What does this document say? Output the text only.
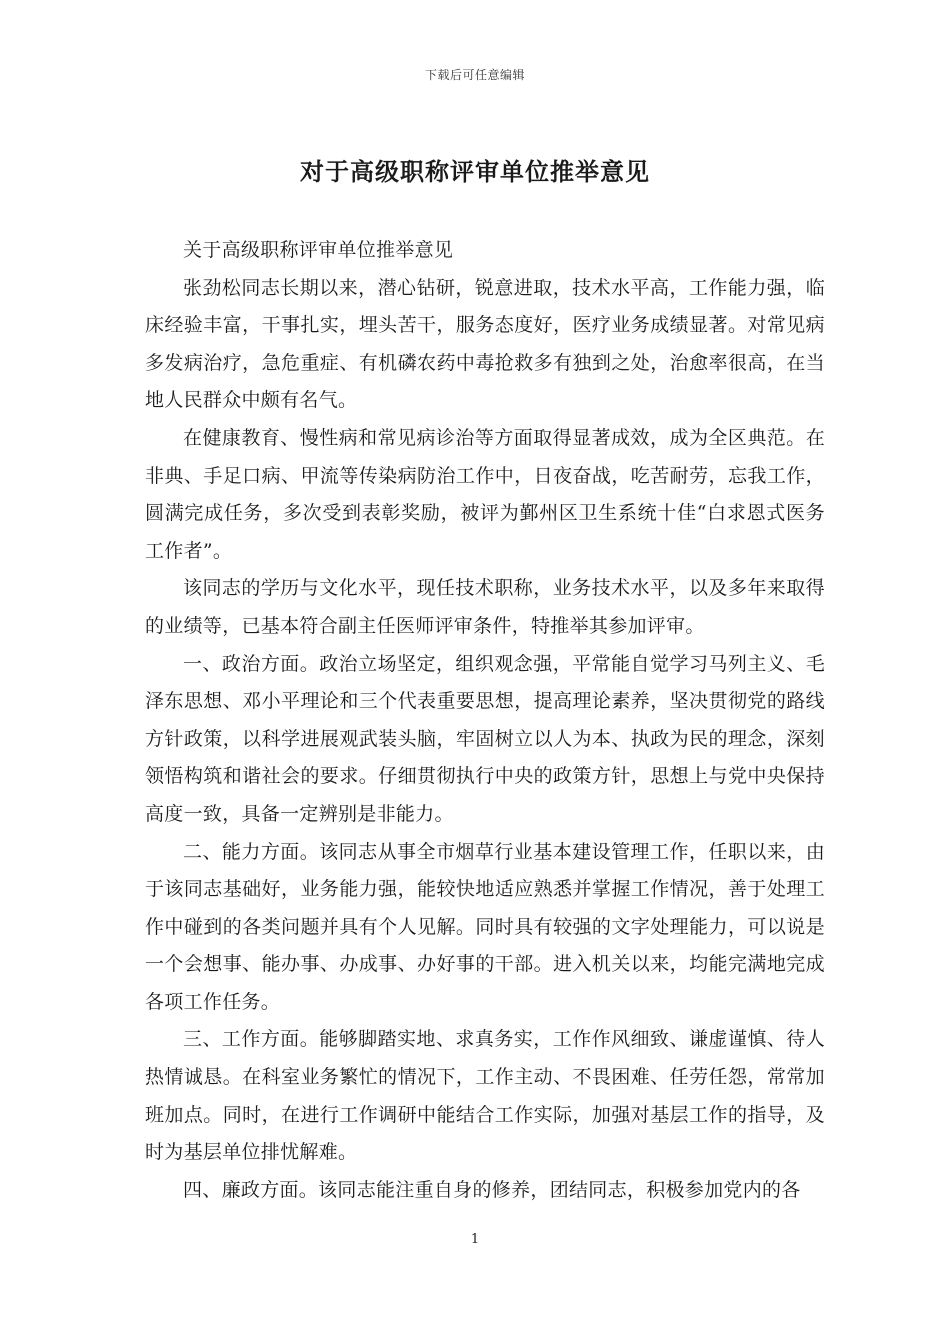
下载后可任意编辑
对于高级职称评审单位推举意见

关于高级职称评审单位推举意见

张劲松同志长期以来，潜心钻研，锐意进取，技术水平高，工作能力强，临床经验丰富，干事扎实，埋头苦干，服务态度好，医疗业务成绩显著。对常见病多发病治疗，急危重症、有机磷农药中毒抢救多有独到之处，治愈率很高，在当地人民群众中颇有名气。

在健康教育、慢性病和常见病诊治等方面取得显著成效，成为全区典范。在非典、手足口病、甲流等传染病防治工作中，日夜奋战，吃苦耐劳，忘我工作，圆满完成任务，多次受到表彰奖励，被评为鄞州区卫生系统十佳“白求恩式医务工作者”。

该同志的学历与文化水平，现任技术职称，业务技术水平，以及多年来取得的业绩等，已基本符合副主任医师评审条件，特推举其参加评审。

一、政治方面。政治立场坚定，组织观念强，平常能自觉学习马列主义、毛泽东思想、邓小平理论和三个代表重要思想，提高理论素养，坚决贯彻党的路线方针政策，以科学进展观武装头脑，牢固树立以人为本、执政为民的理念，深刻领悟构筑和谐社会的要求。仔细贯彻执行中央的政策方针，思想上与党中央保持高度一致，具备一定辨别是非能力。

二、能力方面。该同志从事全市烟草行业基本建设管理工作，任职以来，由于该同志基础好，业务能力强，能较快地适应熟悉并掌握工作情况，善于处理工作中碰到的各类问题并具有个人见解。同时具有较强的文字处理能力，可以说是一个会想事、能办事、办成事、办好事的干部。进入机关以来，均能完满地完成各项工作任务。

三、工作方面。能够脚踏实地、求真务实，工作作风细致、谦虚谨慎、待人热情诚恳。在科室业务繁忙的情况下，工作主动、不畏困难、任劳任怨，常常加班加点。同时，在进行工作调研中能结合工作实际，加强对基层工作的指导，及时为基层单位排忧解难。

四、廉政方面。该同志能注重自身的修养，团结同志，积极参加党内的各

1
